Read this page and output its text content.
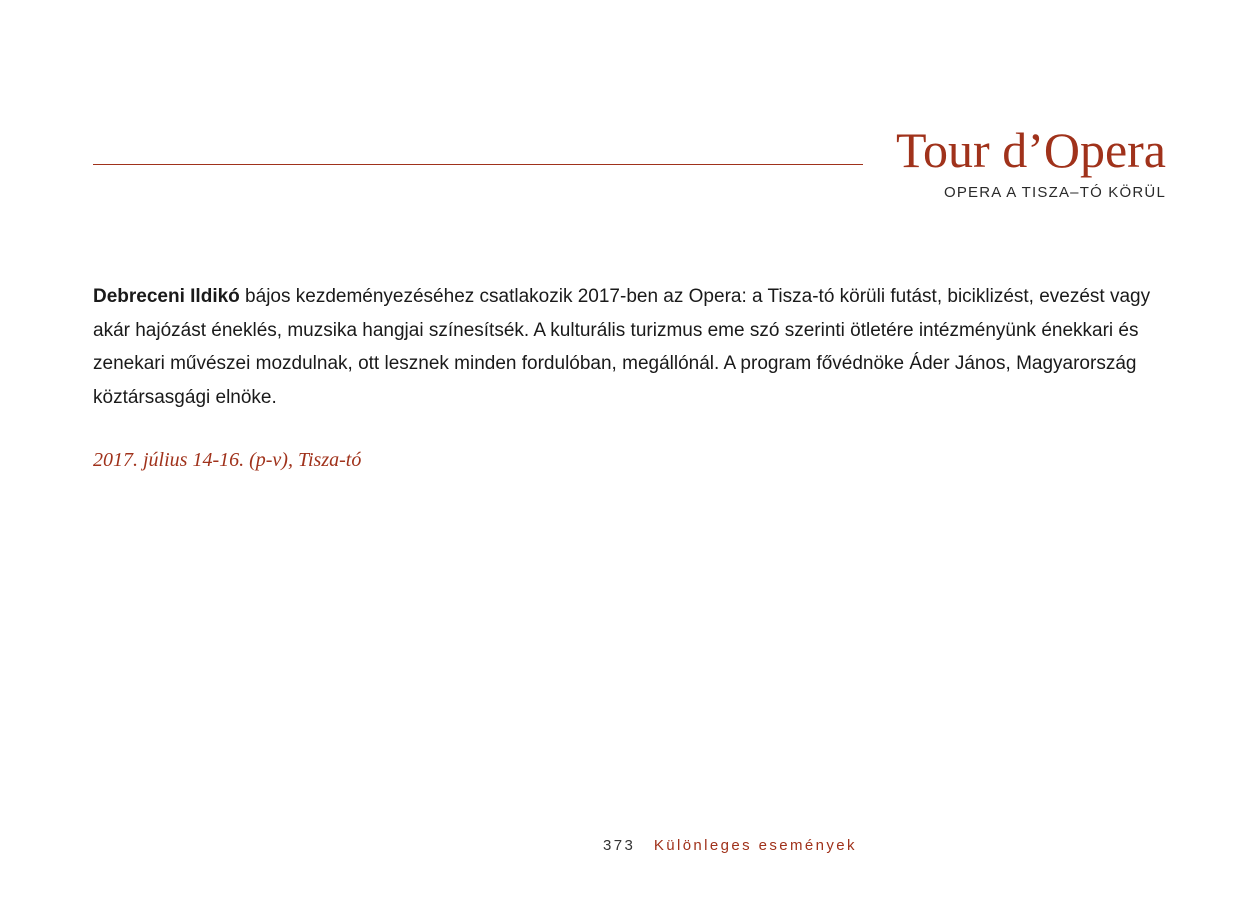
Tour d’Opera
OPERA A TISZA–TÓ KÖRÜL

Debreceni Ildikó bájos kezdeményezéséhez csatlakozik 2017-ben az Opera: a Tisza-tó körüli futást, biciklizést, evezést vagy akár hajózást éneklés, muzsika hangjai színesítsék. A kulturális turizmus eme szó szerinti ötletére intézményünk énekkari és zenekari művészei mozdulnak, ott lesznek minden fordulóban, megállónál. A program fővédnöke Áder János, Magyarország köztársasgági elnöke.

2017. július 14-16. (p-v), Tisza-tó
373 Különleges események
